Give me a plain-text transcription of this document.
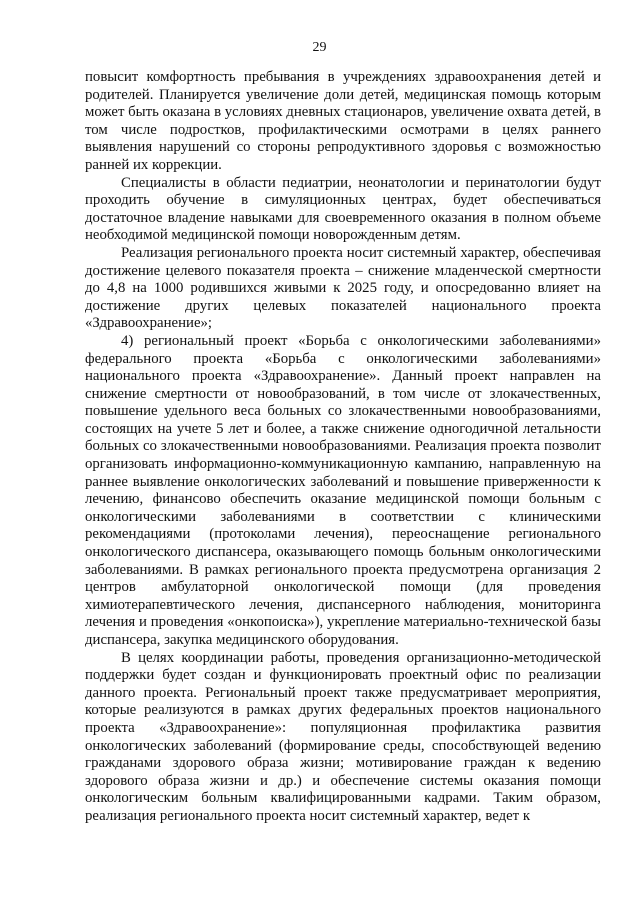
29

повысит комфортность пребывания в учреждениях здравоохранения детей и родителей. Планируется увеличение доли детей, медицинская помощь которым может быть оказана в условиях дневных стационаров, увеличение охвата детей, в том числе подростков, профилактическими осмотрами в целях раннего выявления нарушений со стороны репродуктивного здоровья с возможностью ранней их коррекции.

Специалисты в области педиатрии, неонатологии и перинатологии будут проходить обучение в симуляционных центрах, будет обеспечиваться достаточное владение навыками для своевременного оказания в полном объеме необходимой медицинской помощи новорожденным детям.

Реализация регионального проекта носит системный характер, обеспечивая достижение целевого показателя проекта – снижение младенческой смертности до 4,8 на 1000 родившихся живыми к 2025 году, и опосредованно влияет на достижение других целевых показателей национального проекта «Здравоохранение»;

4) региональный проект «Борьба с онкологическими заболеваниями» федерального проекта «Борьба с онкологическими заболеваниями» национального проекта «Здравоохранение». Данный проект направлен на снижение смертности от новообразований, в том числе от злокачественных, повышение удельного веса больных со злокачественными новообразованиями, состоящих на учете 5 лет и более, а также снижение одногодичной летальности больных со злокачественными новообразованиями. Реализация проекта позволит организовать информационно-коммуникационную кампанию, направленную на раннее выявление онкологических заболеваний и повышение приверженности к лечению, финансово обеспечить оказание медицинской помощи больным с онкологическими заболеваниями в соответствии с клиническими рекомендациями (протоколами лечения), переоснащение регионального онкологического диспансера, оказывающего помощь больным онкологическими заболеваниями. В рамках регионального проекта предусмотрена организация 2 центров амбулаторной онкологической помощи (для проведения химиотерапевтического лечения, диспансерного наблюдения, мониторинга лечения и проведения «онкопоиска»), укрепление материально-технической базы диспансера, закупка медицинского оборудования.

В целях координации работы, проведения организационно-методической поддержки будет создан и функционировать проектный офис по реализации данного проекта. Региональный проект также предусматривает мероприятия, которые реализуются в рамках других федеральных проектов национального проекта «Здравоохранение»: популяционная профилактика развития онкологических заболеваний (формирование среды, способствующей ведению гражданами здорового образа жизни; мотивирование граждан к ведению здорового образа жизни и др.) и обеспечение системы оказания помощи онкологическим больным квалифицированными кадрами. Таким образом, реализация регионального проекта носит системный характер, ведет к
